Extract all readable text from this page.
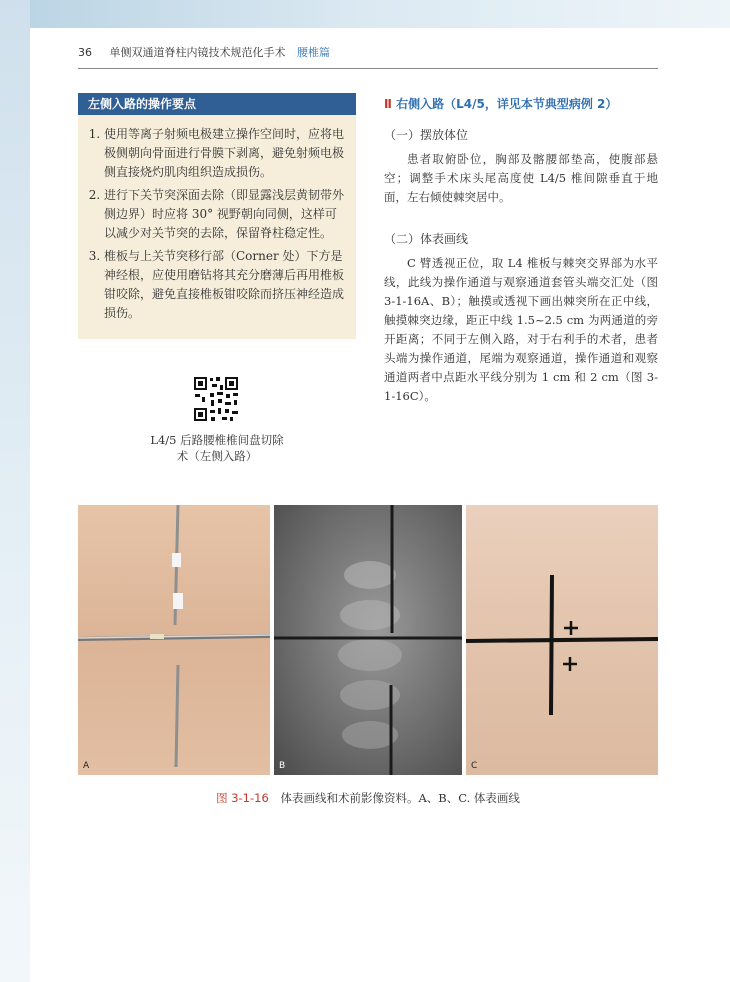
36 单侧双通道脊柱内镜技术规范化手术 腰椎篇
左侧入路的操作要点
1. 使用等离子射频电极建立操作空间时，应将电极侧朝向骨面进行骨膜下剥离，避免射频电极侧直接烧灼肌肉组织造成损伤。
2. 进行下关节突深面去除（即显露浅层黄韧带外侧边界）时应将 30° 视野朝向同侧，这样可以减少对关节突的去除，保留脊柱稳定性。
3. 椎板与上关节突移行部（Corner 处）下方是神经根，应使用磨钻将其充分磨薄后再用椎板钳咬除，避免直接椎板钳咬除而挤压神经造成损伤。
L4/5 后路腰椎椎间盘切除术（左侧入路）
Ⅱ 右侧入路（L4/5，详见本节典型病例 2）
（一）摆放体位

患者取俯卧位，胸部及髂腰部垫高，使腹部悬空；调整手术床头尾高度使 L4/5 椎间隙垂直于地面，左右倾使棘突居中。

（二）体表画线

C 臂透视正位，取 L4 椎板与棘突交界部为水平线，此线为操作通道与观察通道套管头端交汇处（图 3-1-16A、B）；触摸或透视下画出棘突所在正中线，触摸棘突边缘，距正中线 1.5~2.5 cm 为两通道的旁开距离；不同于左侧入路，对于右利手的术者，患者头端为操作通道，尾端为观察通道，操作通道和观察通道两者中点距水平线分别为 1 cm 和 2 cm（图 3-1-16C）。

A	B	C
图 3-1-16 体表画线和术前影像资料。A、B、C. 体表画线
